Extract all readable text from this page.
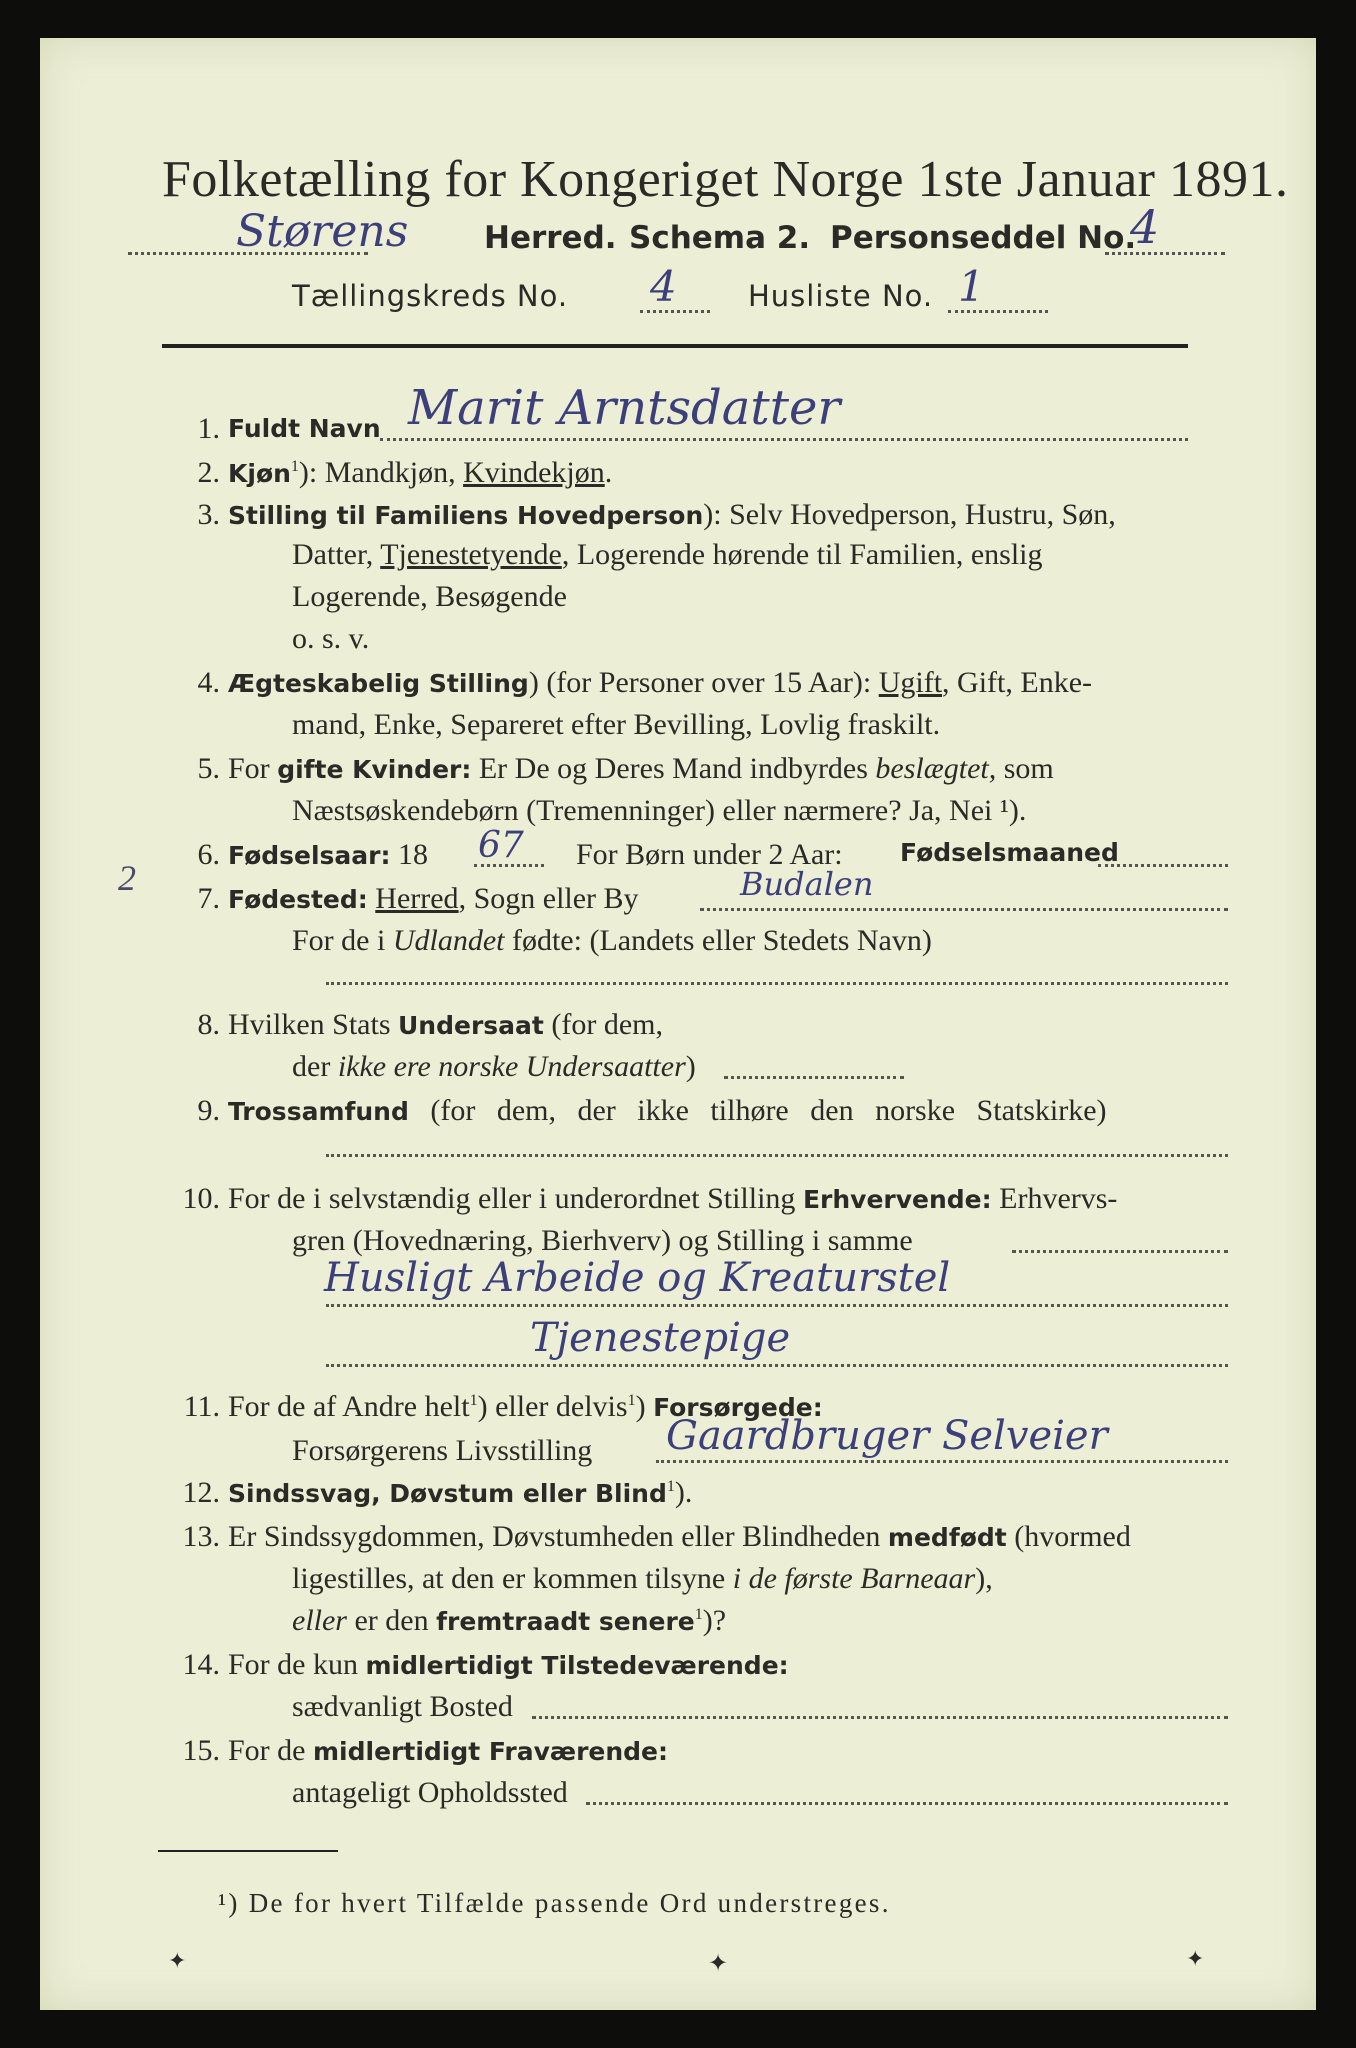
Folketælling for Kongeriget Norge 1ste Januar 1891.
Størens Herred. Schema 2. Personseddel No.
4
Tællingskreds No. 4 Husliste No. 1
1. Fuldt Navn Marit Arntsdatter
2. Kjøn$^1$): Mandkjøn, Kvindekjøn.
3. Stilling til Familiens Hovedperson): Selv Hovedperson, Hustru, Søn,
Datter, Tjenestetyende, Logerende hørende til Familien, enslig
Logerende, Besøgende
o. s. v.
4. Ægteskabelig Stilling) (for Personer over 15 Aar): Ugift, Gift, Enke-
mand, Enke, Separeret efter Bevilling, Lovlig fraskilt.
5. For gifte Kvinder: Er De og Deres Mand indbyrdes beslægtet, som
Næstsøskendebørn (Tremenninger) eller nærmere? Ja, Nei ¹).
2
6. Fødselsaar: 18 67 For Børn under 2 Aar: Fødselsmaaned
7. Fødested: Herred, Sogn eller By	Budalen
For de i Udlandet fødte: (Landets eller Stedets Navn)
8. Hvilken Stats Undersaat (for dem,
der ikke ere norske Undersaatter)
9. Trossamfund (for dem, der ikke tilhøre den norske Statskirke)
10. For de i selvstændig eller i underordnet Stilling Erhvervende: Erhvervs-
gren (Hovednæring, Bierhverv) og Stilling i samme
Husligt Arbeide og Kreaturstel
Tjenestepige
11. For de af Andre helt$^1$) eller delvis$^1$) Forsørgede:
Forsørgerens Livsstilling Gaardbruger Selveier
12. Sindssvag, Døvstum eller Blind$^1$).
13. Er Sindssygdommen, Døvstumheden eller Blindheden medfødt (hvormed
ligestilles, at den er kommen tilsyne i de første Barneaar),
eller er den fremtraadt senere$^1$)?
14. For de kun midlertidigt Tilstedeværende:
sædvanligt Bosted
15. For de midlertidigt Fraværende:
antageligt Opholdssted
¹) De for hvert Tilfælde passende Ord understreges.
✦	✦	✦
